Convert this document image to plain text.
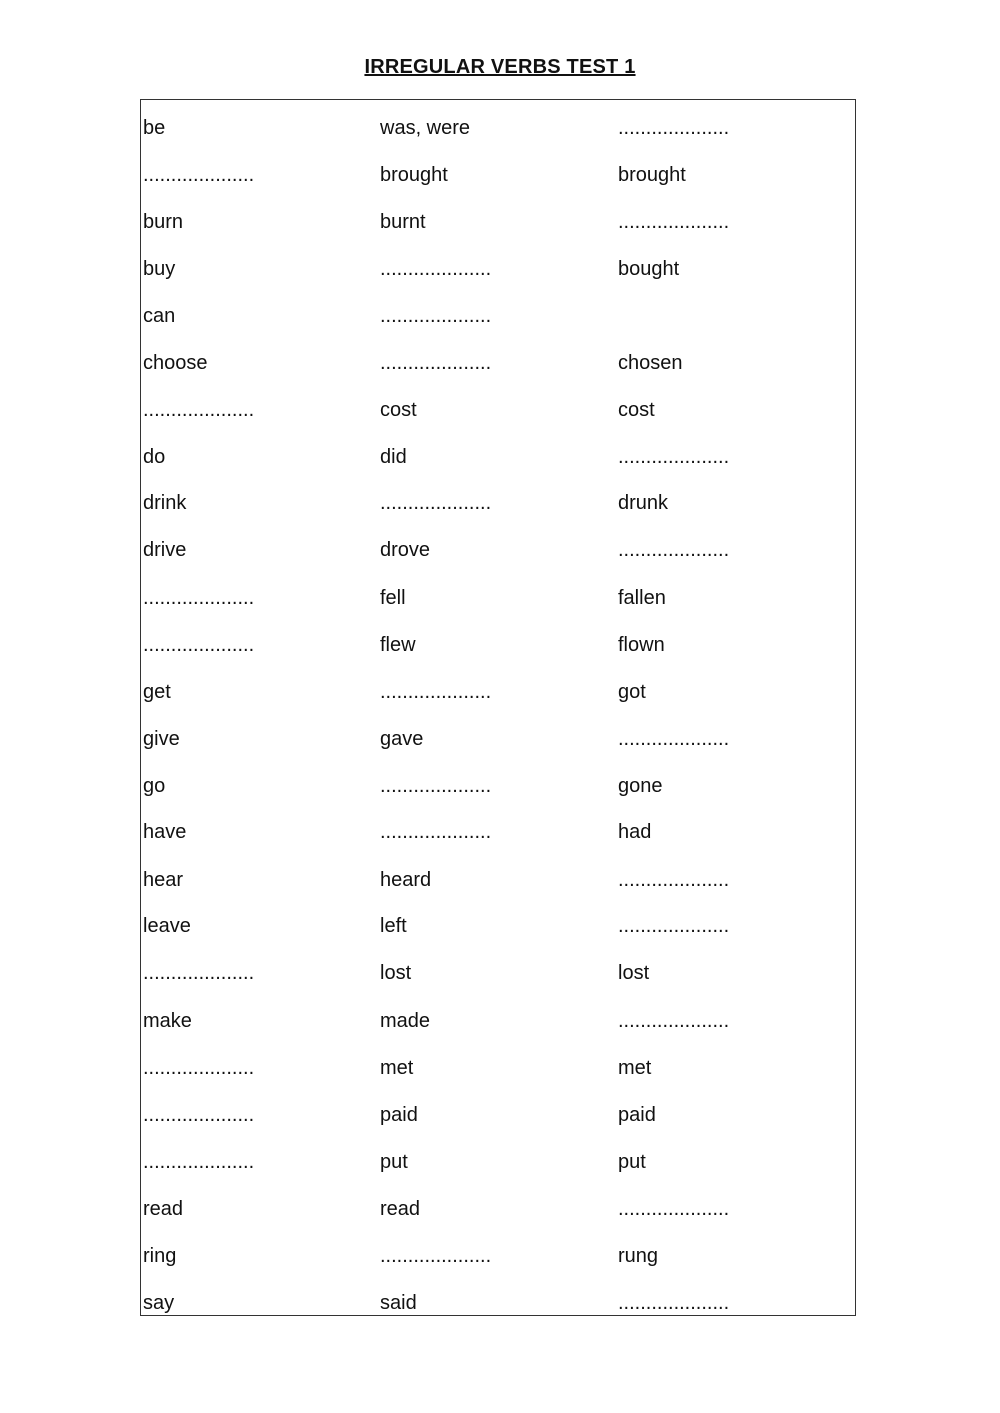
IRREGULAR VERBS TEST 1
be	was, were	....................
....................	brought	brought
burn	burnt	....................
buy	....................	bought
can	....................
choose	....................	chosen
....................	cost	cost
do	did	....................
drink	....................	drunk
drive	drove	....................
....................	fell	fallen
....................	flew	flown
get	....................	got
give	gave	....................
go	....................	gone
have	....................	had
hear	heard	....................
leave	left	....................
....................	lost	lost
make	made	....................
....................	met	met
....................	paid	paid
....................	put	put
read	read	....................
ring	....................	rung
say	said	....................
